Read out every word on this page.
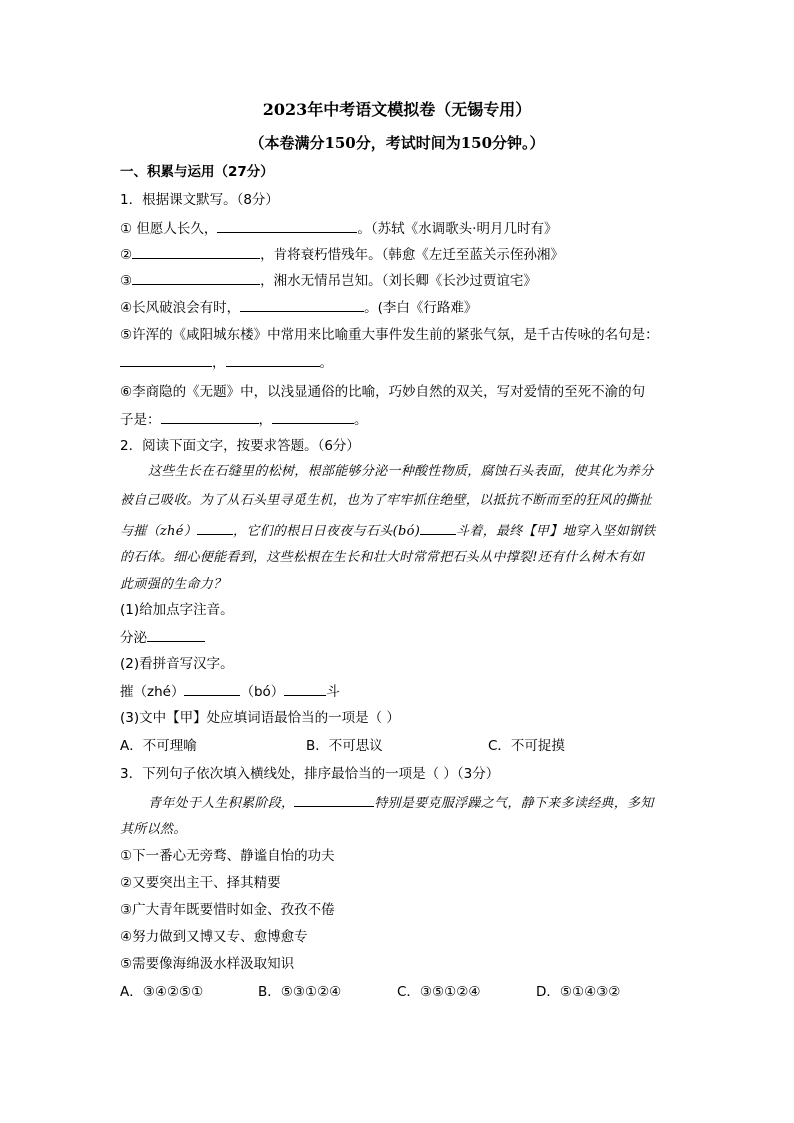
2023年中考语文模拟卷（无锡专用）
（本卷满分150分，考试时间为150分钟。）
一、积累与运用（27分）
1．根据课文默写。（8分）
① 但愿人长久，	。（苏轼《水调歌头·明月几时有》
②	，肯将衰朽惜残年。（韩愈《左迁至蓝关示侄孙湘》
③	，湘水无情吊岂知。（刘长卿《长沙过贾谊宅》
④长风破浪会有时，	。(李白《行路难》
⑤许浑的《咸阳城东楼》中常用来比喻重大事件发生前的紧张气氛，是千古传咏的名句是：
，	。
⑥李商隐的《无题》中，以浅显通俗的比喻，巧妙自然的双关，写对爱情的至死不渝的句
子是：	，	。
2．阅读下面文字，按要求答题。（6分）
这些生长在石缝里的松树，根部能够分泌一种酸性物质，腐蚀石头表面，使其化为养分
被自己吸收。为了从石头里寻觅生机，也为了牢牢抓住绝壁，以抵抗不断而至的狂风的撕扯
与摧（zhé）	，它们的根日日夜夜与石头(bó)	斗着，最终【甲】地穿入坚如钢铁
的石体。细心便能看到，这些松根在生长和壮大时常常把石头从中撑裂!还有什么树木有如
此顽强的生命力？
(1)给加点字注音。
分泌
(2)看拼音写汉字。
摧（zhé）	（bó）	斗
(3)文中【甲】处应填词语最恰当的一项是（ ）
A．不可理喻	B．不可思议	C．不可捉摸
3．下列句子依次填入横线处，排序最恰当的一项是（ ）（3分）
青年处于人生积累阶段，	特别是要克服浮躁之气，静下来多读经典，多知
其所以然。
①下一番心无旁骛、静谧自怡的功夫
②又要突出主干、择其精要
③广大青年既要惜时如金、孜孜不倦
④努力做到又博又专、愈博愈专
⑤需要像海绵汲水样汲取知识
A．③④②⑤①	B．⑤③①②④	C．③⑤①②④	D．⑤①④③②
